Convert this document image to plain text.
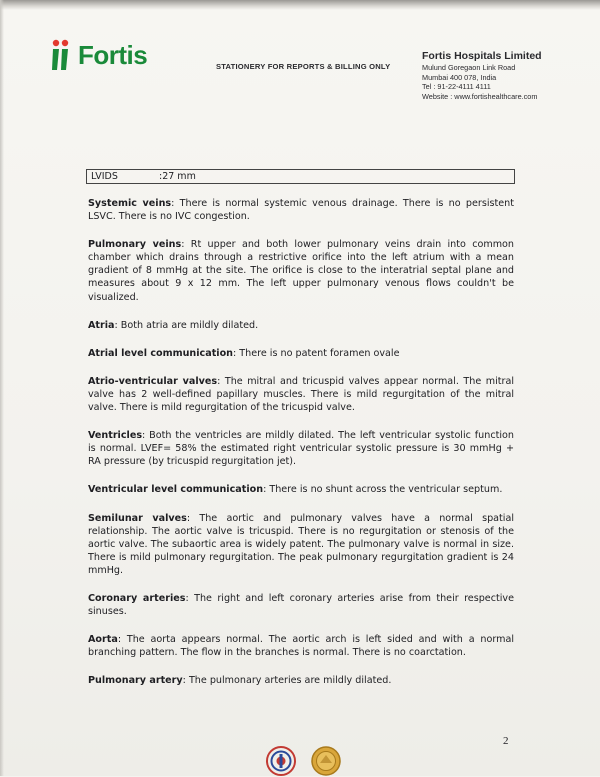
Fortis	STATIONERY FOR REPORTS & BILLING ONLY
Fortis Hospitals Limited
Mulund Goregaon Link Road
Mumbai 400 078, India
Tel : 91-22-4111 4111
Website : www.fortishealthcare.com
LVIDS	:27 mm

Systemic veins: There is normal systemic venous drainage. There is no persistent LSVC. There is no IVC congestion.

Pulmonary veins: Rt upper and both lower pulmonary veins drain into common chamber which drains through a restrictive orifice into the left atrium with a mean gradient of 8 mmHg at the site. The orifice is close to the interatrial septal plane and measures about 9 x 12 mm. The left upper pulmonary venous flows couldn't be visualized.

Atria: Both atria are mildly dilated.

Atrial level communication: There is no patent foramen ovale

Atrio-ventricular valves: The mitral and tricuspid valves appear normal. The mitral valve has 2 well-defined papillary muscles. There is mild regurgitation of the mitral valve. There is mild regurgitation of the tricuspid valve.

Ventricles: Both the ventricles are mildly dilated. The left ventricular systolic function is normal. LVEF= 58% the estimated right ventricular systolic pressure is 30 mmHg + RA pressure (by tricuspid regurgitation jet).

Ventricular level communication: There is no shunt across the ventricular septum.

Semilunar valves: The aortic and pulmonary valves have a normal spatial relationship. The aortic valve is tricuspid. There is no regurgitation or stenosis of the aortic valve. The subaortic area is widely patent. The pulmonary valve is normal in size. There is mild pulmonary regurgitation. The peak pulmonary regurgitation gradient is 24 mmHg.

Coronary arteries: The right and left coronary arteries arise from their respective sinuses.

Aorta: The aorta appears normal. The aortic arch is left sided and with a normal branching pattern. The flow in the branches is normal. There is no coarctation.

Pulmonary artery: The pulmonary arteries are mildly dilated.

2
